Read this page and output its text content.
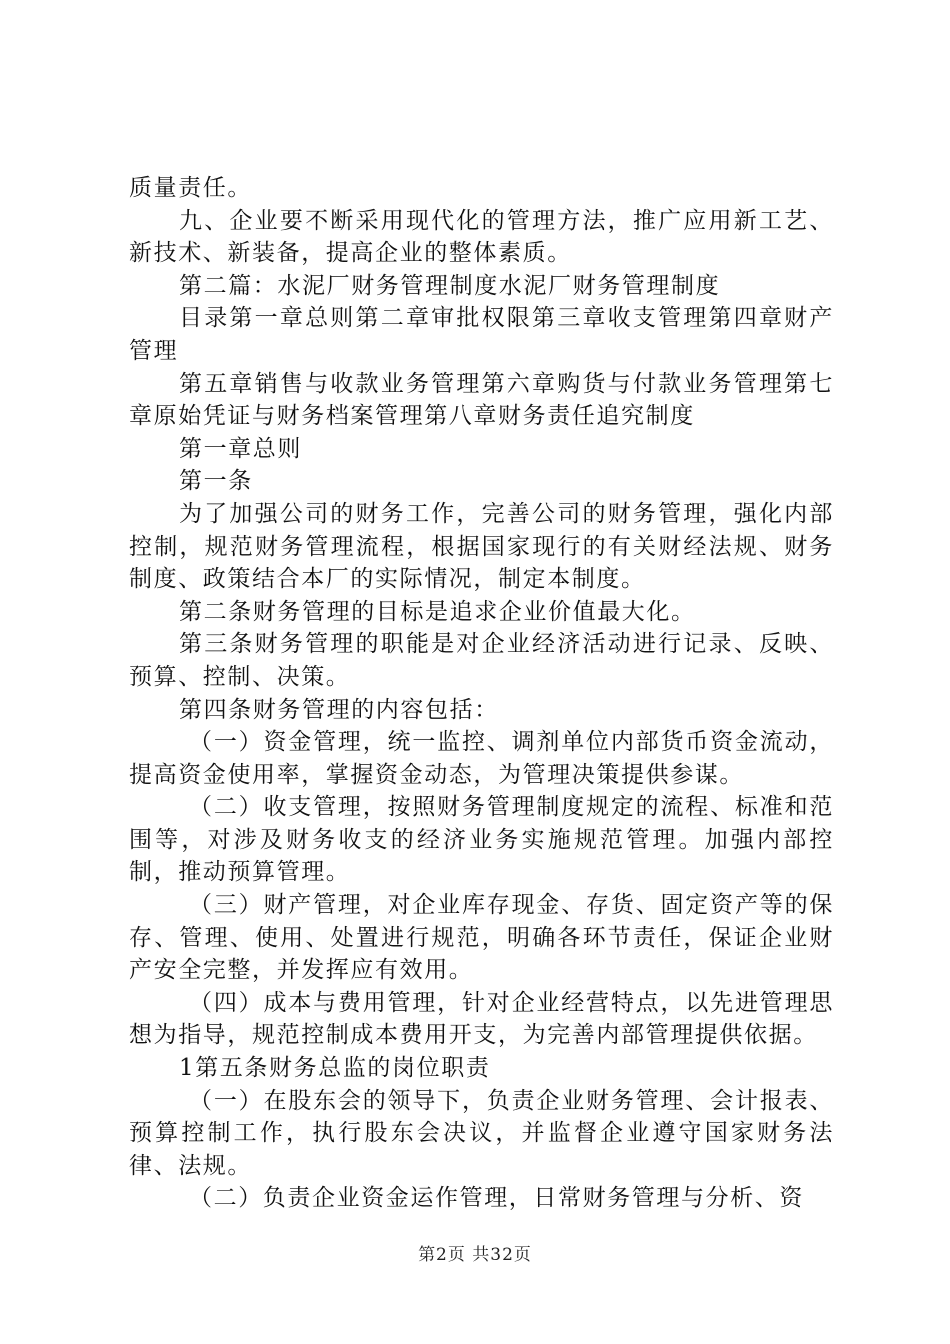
质量责任。

九、企业要不断采用现代化的管理方法，推广应用新工艺、新技术、新装备，提高企业的整体素质。

第二篇：水泥厂财务管理制度水泥厂财务管理制度

目录第一章总则第二章审批权限第三章收支管理第四章财产管理

第五章销售与收款业务管理第六章购货与付款业务管理第七章原始凭证与财务档案管理第八章财务责任追究制度

第一章总则

第一条

为了加强公司的财务工作，完善公司的财务管理，强化内部控制，规范财务管理流程，根据国家现行的有关财经法规、财务制度、政策结合本厂的实际情况，制定本制度。

第二条财务管理的目标是追求企业价值最大化。

第三条财务管理的职能是对企业经济活动进行记录、反映、预算、控制、决策。

第四条财务管理的内容包括：

（一）资金管理，统一监控、调剂单位内部货币资金流动，提高资金使用率，掌握资金动态，为管理决策提供参谋。

（二）收支管理，按照财务管理制度规定的流程、标准和范围等，对涉及财务收支的经济业务实施规范管理。加强内部控制，推动预算管理。

（三）财产管理，对企业库存现金、存货、固定资产等的保存、管理、使用、处置进行规范，明确各环节责任，保证企业财产安全完整，并发挥应有效用。

（四）成本与费用管理，针对企业经营特点，以先进管理思想为指导，规范控制成本费用开支，为完善内部管理提供依据。

1第五条财务总监的岗位职责

（一）在股东会的领导下，负责企业财务管理、会计报表、预算控制工作，执行股东会决议，并监督企业遵守国家财务法律、法规。

（二）负责企业资金运作管理，日常财务管理与分析、资

第2页 共32页
